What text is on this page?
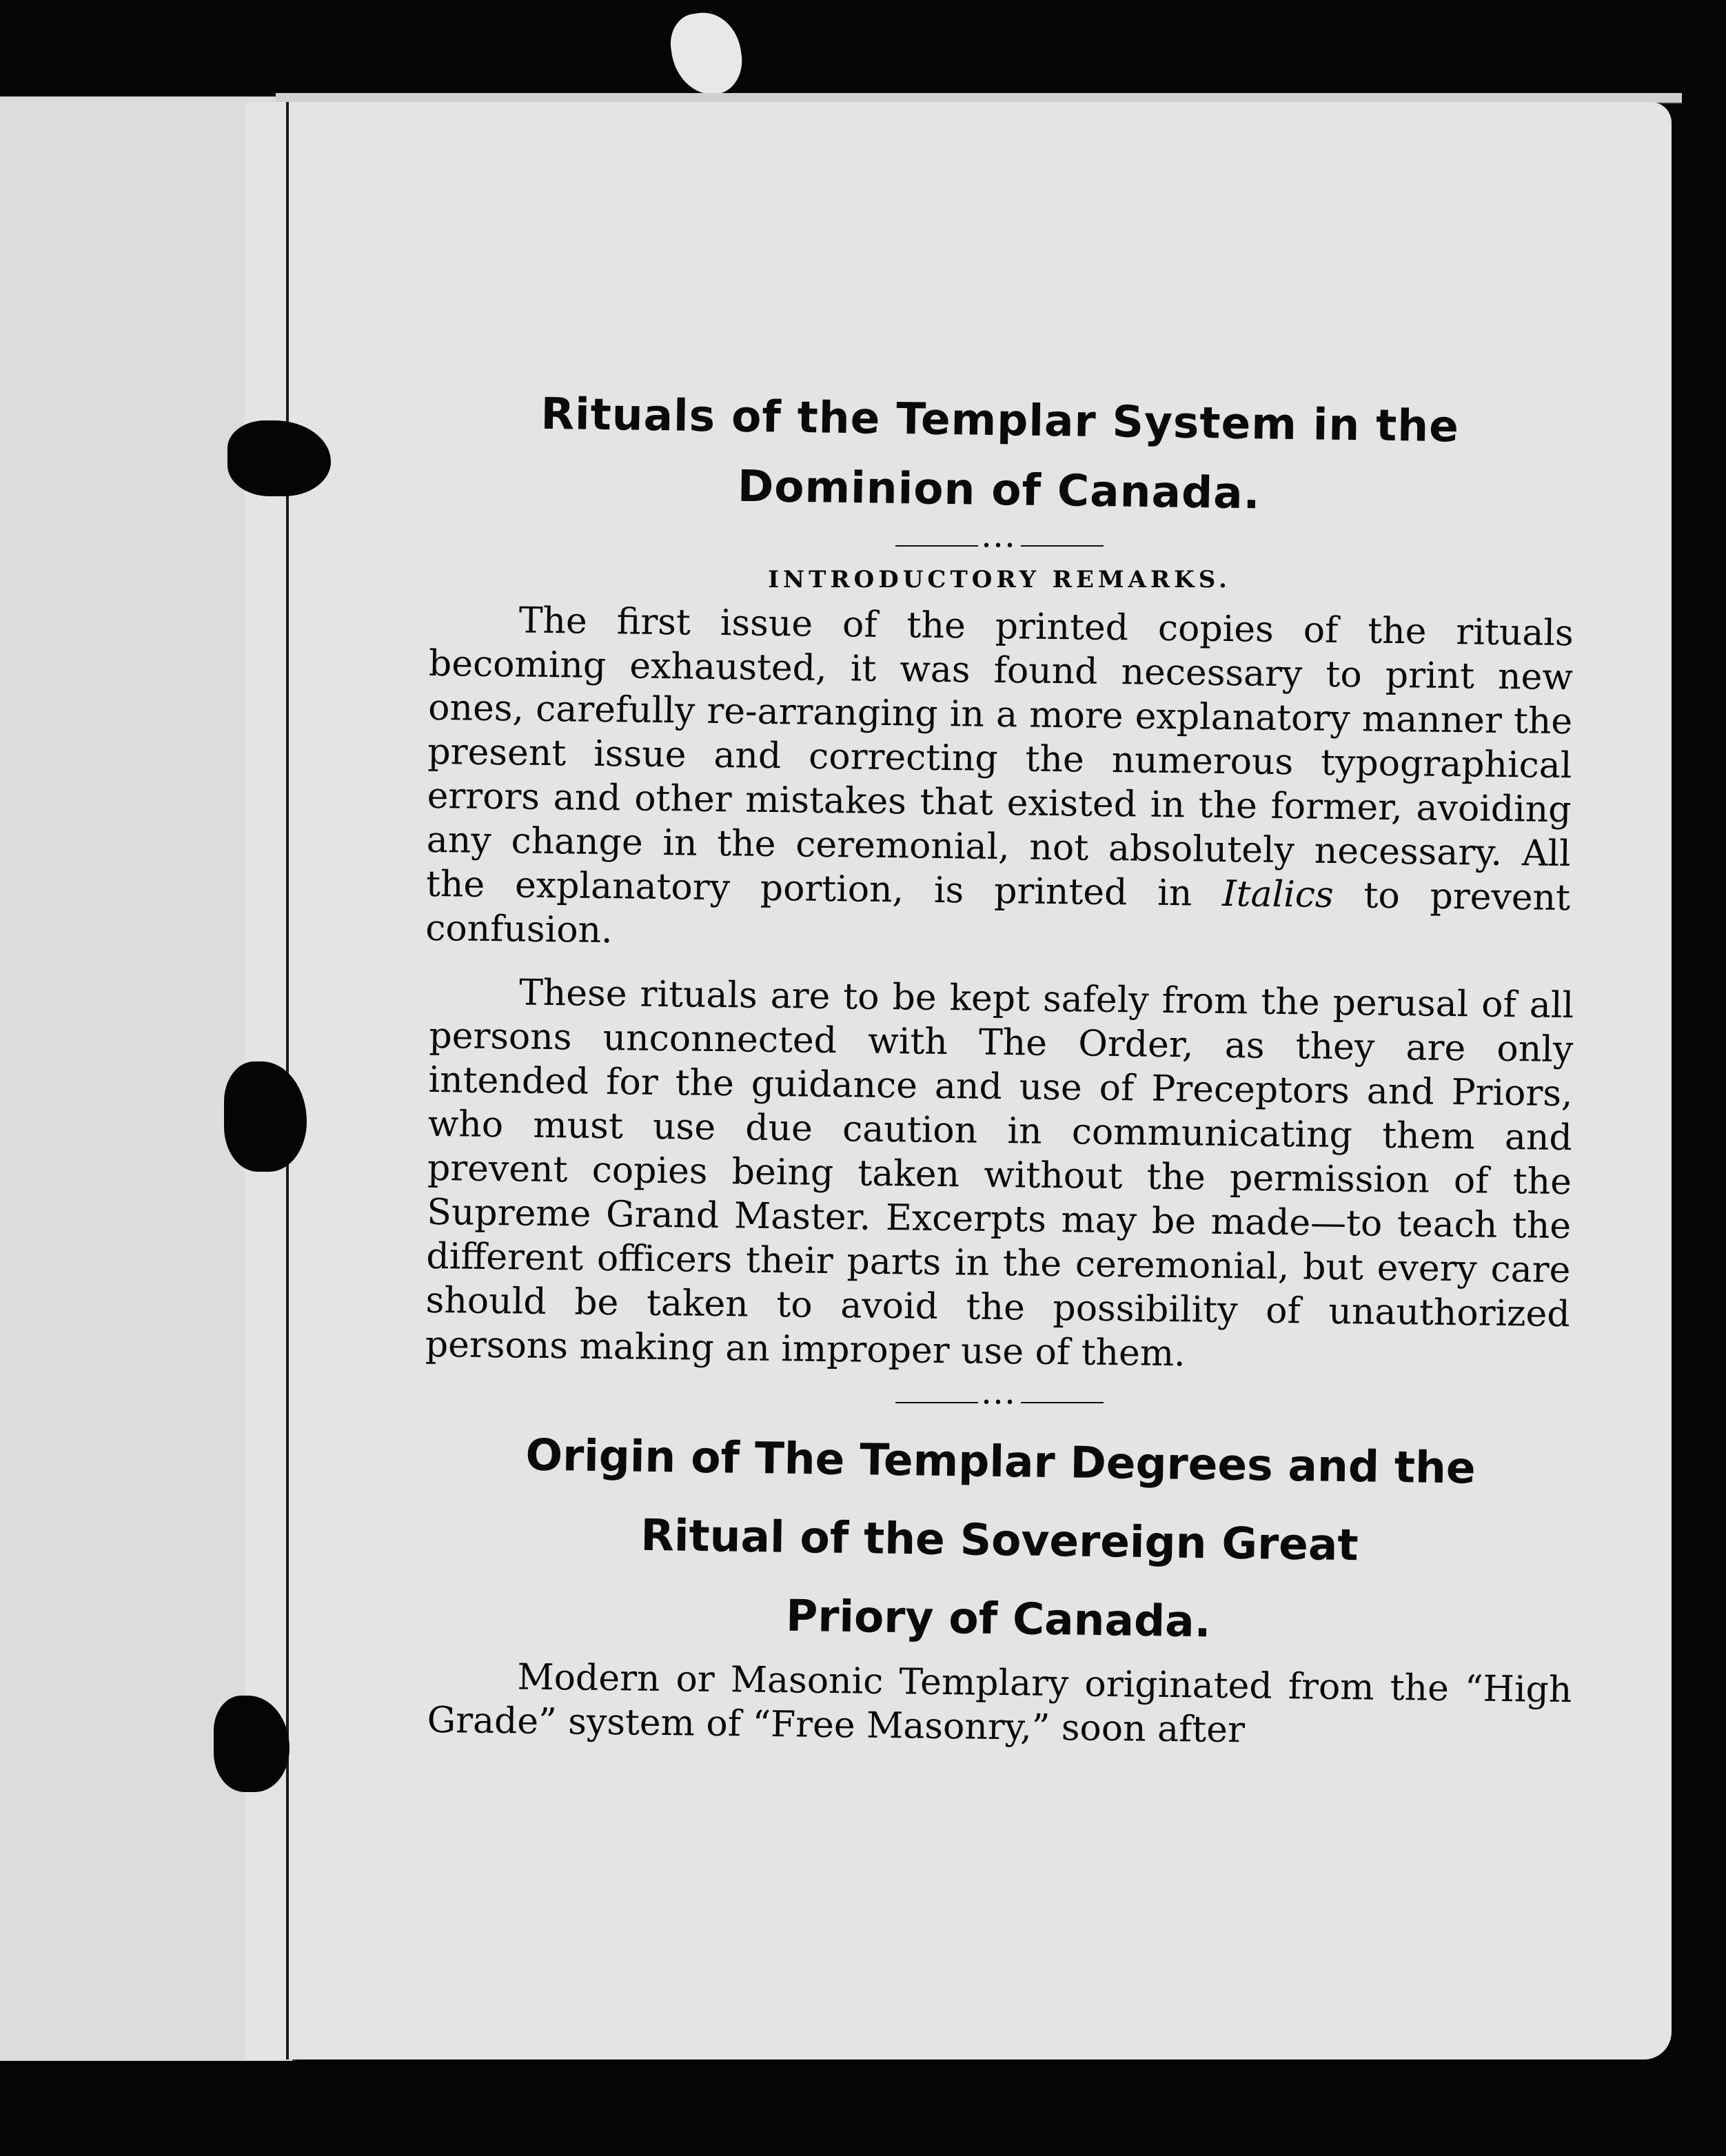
Rituals of the Templar System in the
Dominion of Canada.
•••
INTRODUCTORY REMARKS.

The first issue of the printed copies of the rituals becoming exhausted, it was found necessary to print new ones, carefully re-arranging in a more explanatory manner the present issue and correcting the numerous typographical errors and other mistakes that existed in the former, avoiding any change in the ceremonial, not absolutely necessary. All the explanatory portion, is printed in Italics to prevent confusion.

These rituals are to be kept safely from the perusal of all persons unconnected with The Order, as they are only intended for the guidance and use of Preceptors and Priors, who must use due caution in communicating them and prevent copies being taken without the permission of the Supreme Grand Master. Excerpts may be made—to teach the different officers their parts in the ceremonial, but every care should be taken to avoid the possibility of unauthorized persons making an improper use of them.

•••
Origin of The Templar Degrees and the
Ritual of the Sovereign Great
Priory of Canada.

Modern or Masonic Templary originated from the “High Grade” system of “Free Masonry,” soon after
